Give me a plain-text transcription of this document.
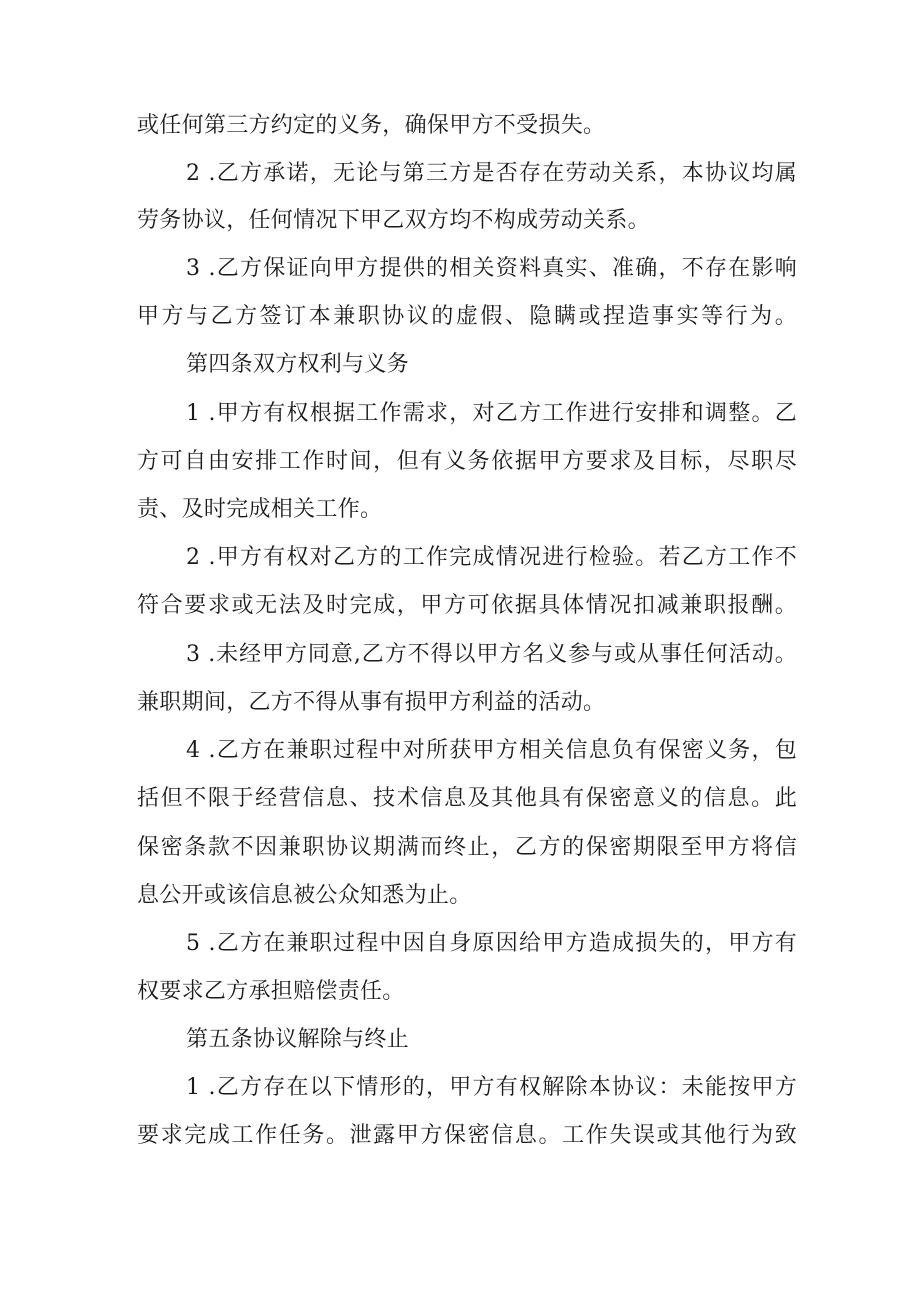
或任何第三方约定的义务，确保甲方不受损失。
2 .乙方承诺，无论与第三方是否存在劳动关系，本协议均属
劳务协议，任何情况下甲乙双方均不构成劳动关系。
3 .乙方保证向甲方提供的相关资料真实、准确，不存在影响
甲方与乙方签订本兼职协议的虚假、隐瞒或捏造事实等行为。
第四条双方权利与义务
1 .甲方有权根据工作需求，对乙方工作进行安排和调整。乙
方可自由安排工作时间，但有义务依据甲方要求及目标，尽职尽
责、及时完成相关工作。
2 .甲方有权对乙方的工作完成情况进行检验。若乙方工作不
符合要求或无法及时完成，甲方可依据具体情况扣减兼职报酬。
3 .未经甲方同意,乙方不得以甲方名义参与或从事任何活动。
兼职期间，乙方不得从事有损甲方利益的活动。
4 .乙方在兼职过程中对所获甲方相关信息负有保密义务，包
括但不限于经营信息、技术信息及其他具有保密意义的信息。此
保密条款不因兼职协议期满而终止，乙方的保密期限至甲方将信
息公开或该信息被公众知悉为止。
5 .乙方在兼职过程中因自身原因给甲方造成损失的，甲方有
权要求乙方承担赔偿责任。
第五条协议解除与终止
1 .乙方存在以下情形的，甲方有权解除本协议：未能按甲方
要求完成工作任务。泄露甲方保密信息。工作失误或其他行为致
